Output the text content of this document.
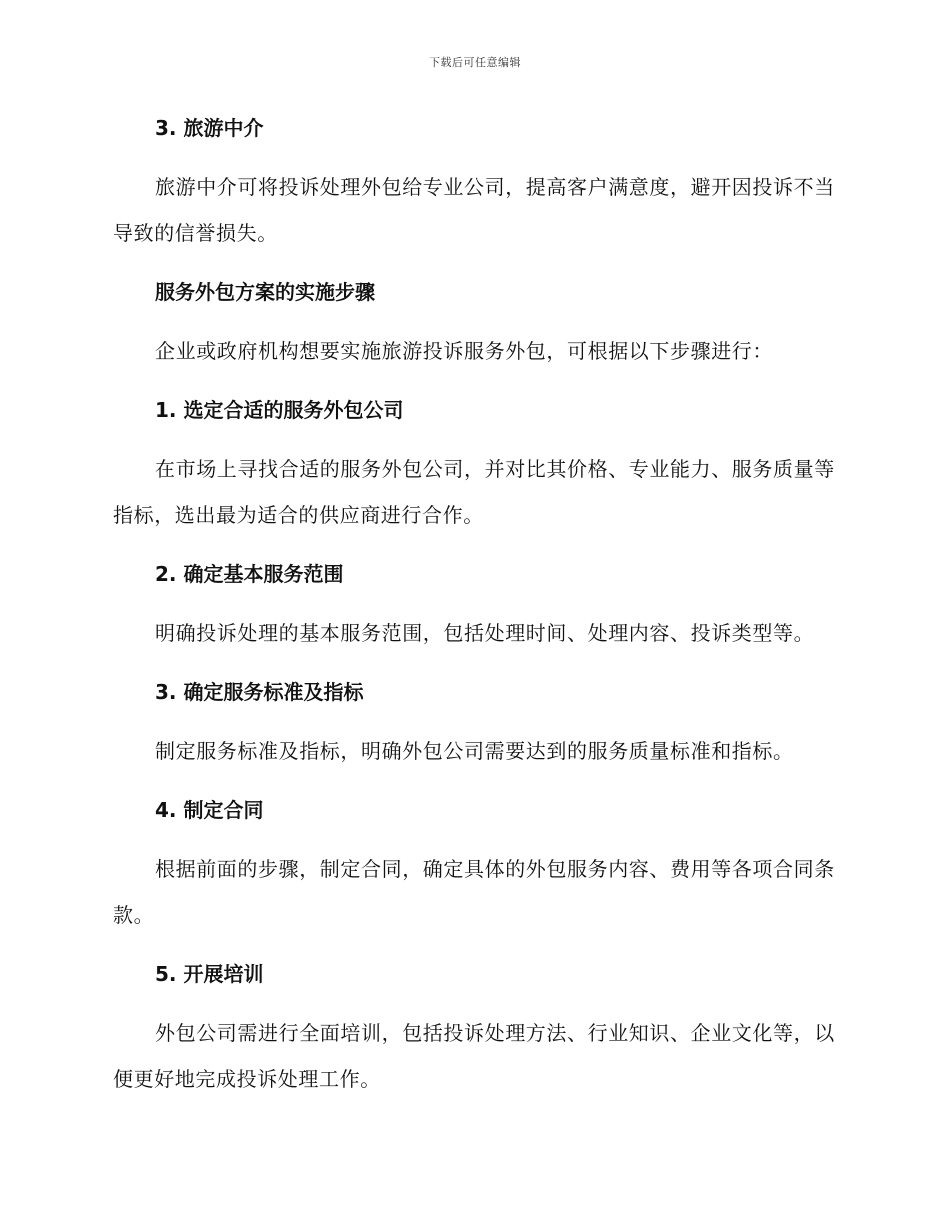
下载后可任意编辑
3. 旅游中介

旅游中介可将投诉处理外包给专业公司，提高客户满意度，避开因投诉不当导致的信誉损失。

服务外包方案的实施步骤

企业或政府机构想要实施旅游投诉服务外包，可根据以下步骤进行：

1. 选定合适的服务外包公司

在市场上寻找合适的服务外包公司，并对比其价格、专业能力、服务质量等指标，选出最为适合的供应商进行合作。

2. 确定基本服务范围

明确投诉处理的基本服务范围，包括处理时间、处理内容、投诉类型等。

3. 确定服务标准及指标

制定服务标准及指标，明确外包公司需要达到的服务质量标准和指标。

4. 制定合同

根据前面的步骤，制定合同，确定具体的外包服务内容、费用等各项合同条款。

5. 开展培训

外包公司需进行全面培训，包括投诉处理方法、行业知识、企业文化等，以便更好地完成投诉处理工作。
